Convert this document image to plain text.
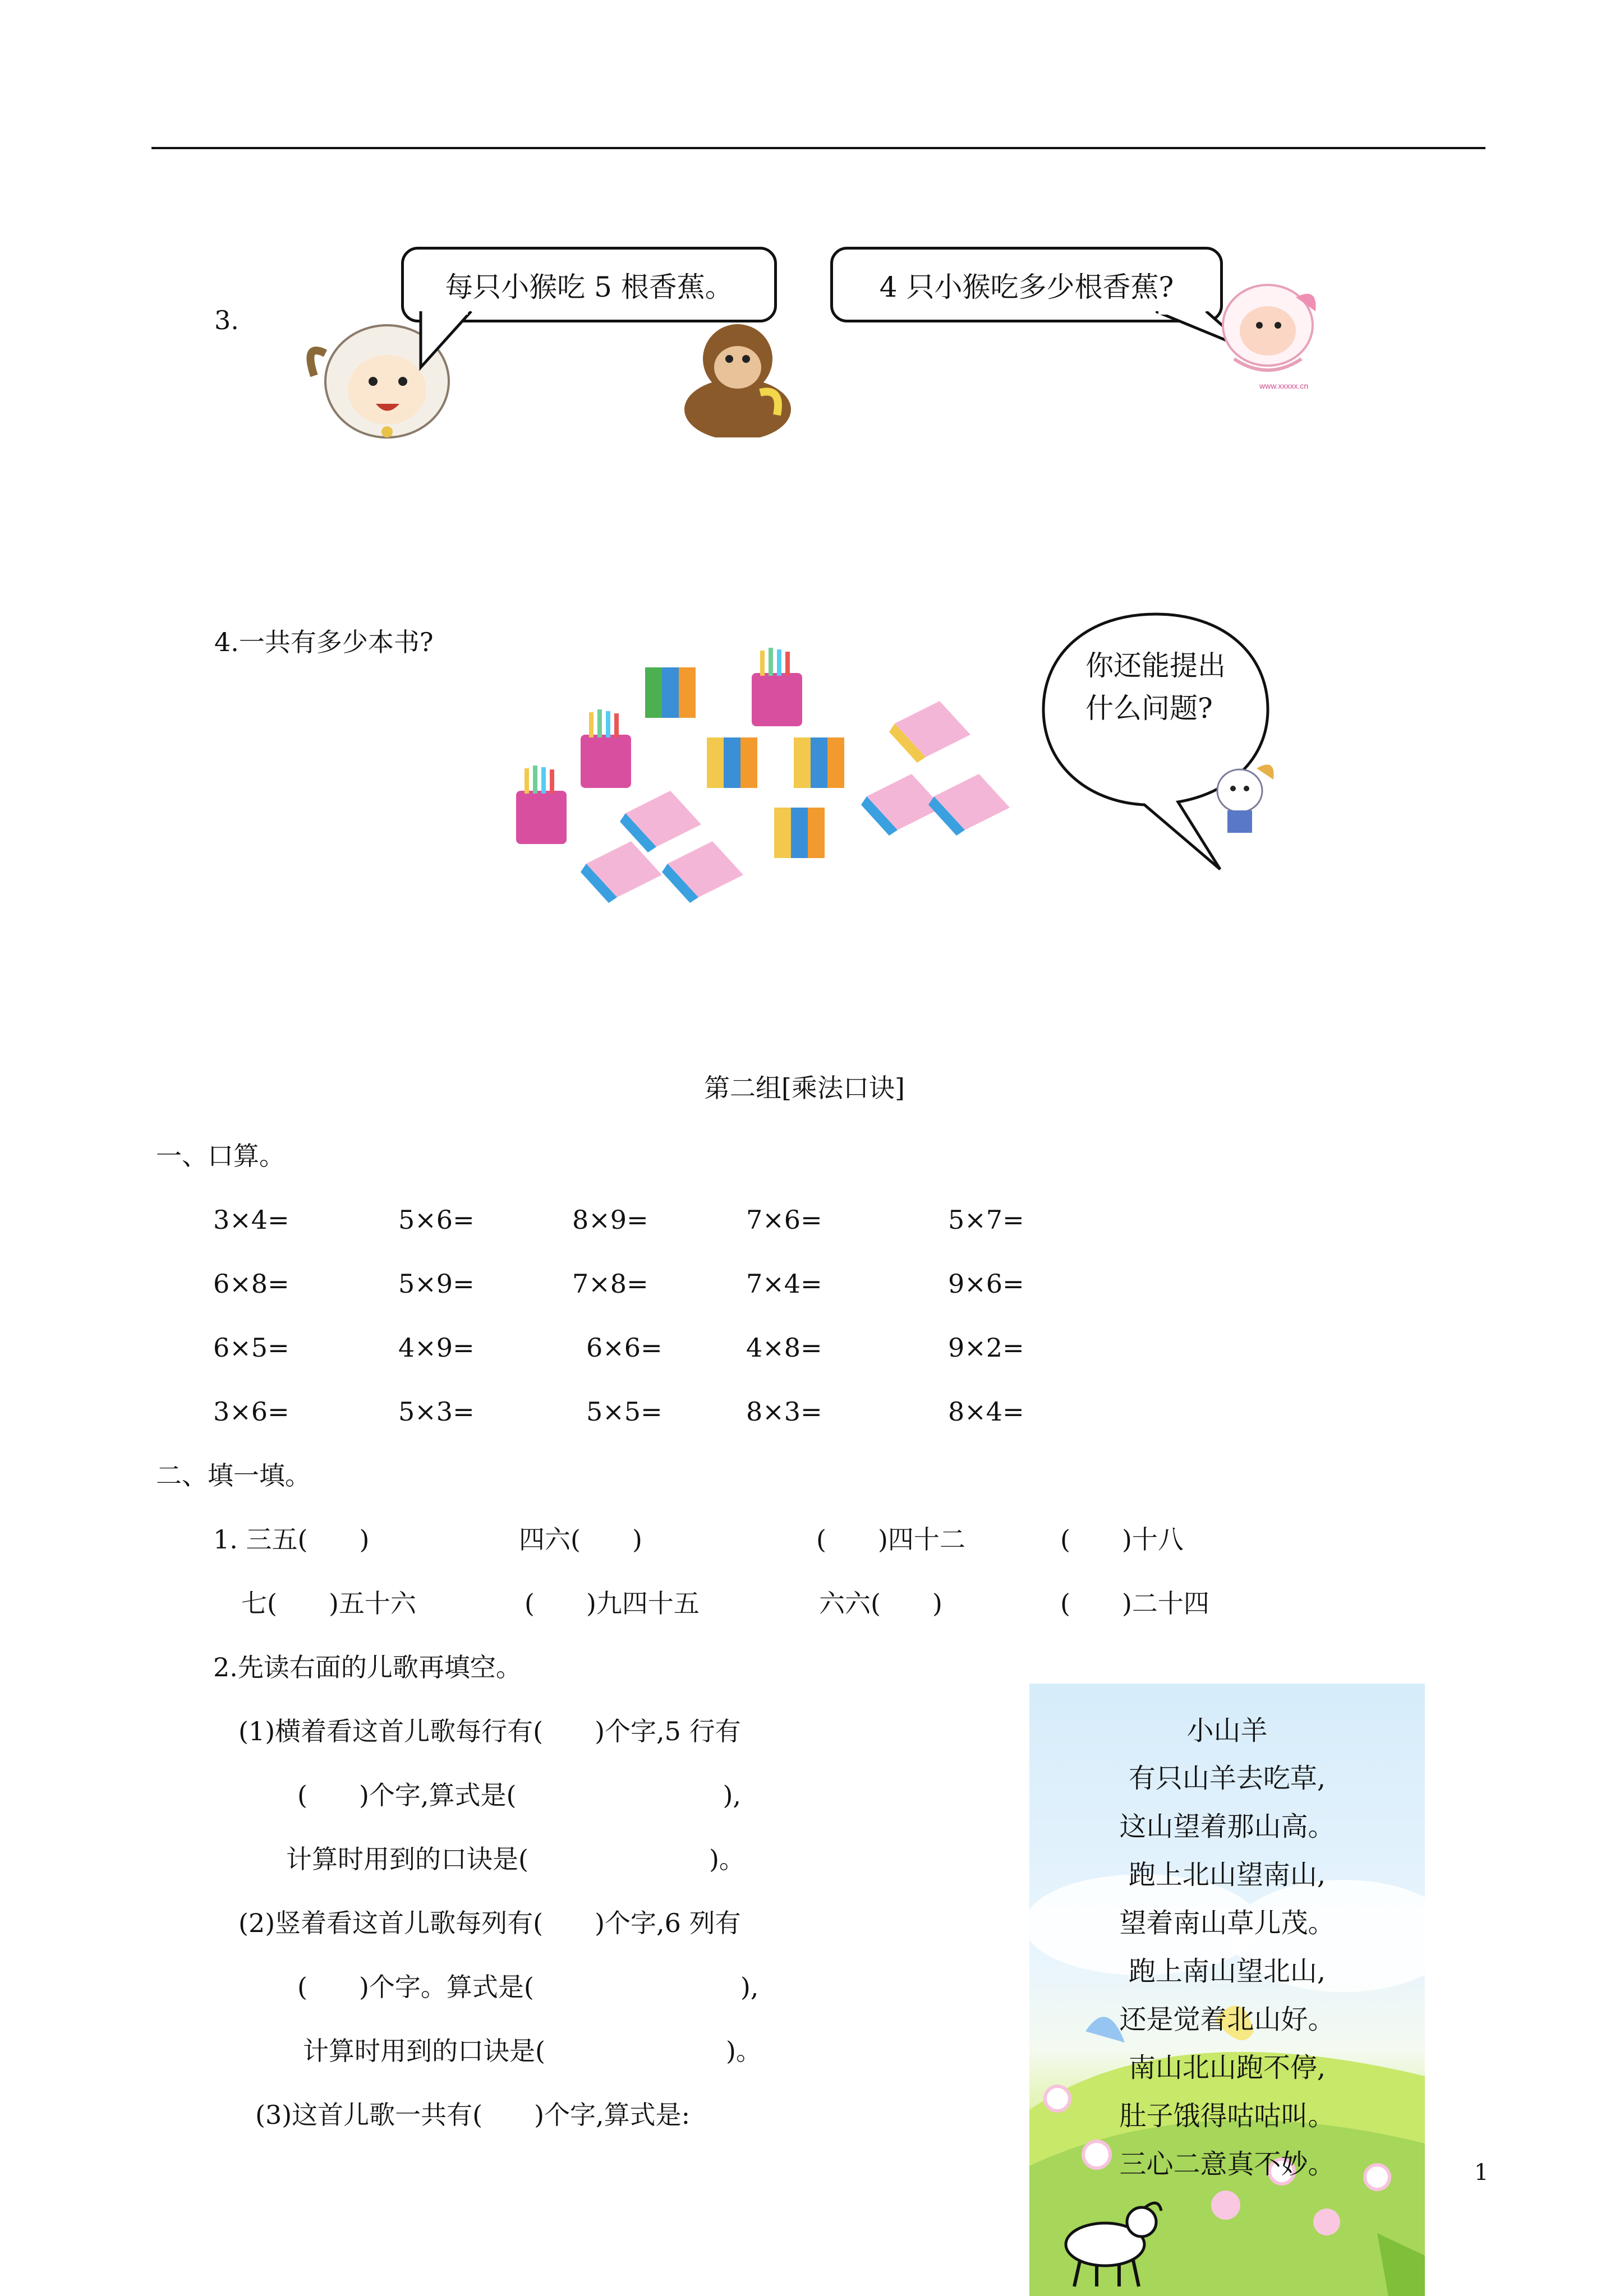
3.
每只小猴吃 5 根香蕉。	4 只小猴吃多少根香蕉?
www.xxxxx.cn
4.一共有多少本书?
你还能提出
什么问题?
第二组[乘法口诀]
一、口算。
3×4=	5×6=	8×9=	7×6=	5×7=
6×8=	5×9=	7×8=	7×4=	9×6=
6×5=	4×9=	6×6=	4×8=	9×2=
3×6=	5×3=	5×5=	8×3=	8×4=
二、填一填。
1. 三五(　　)	四六(　　)	(　　)四十二	(　　)十八
七(　　)五十六	(　　)九四十五	六六(　　)	(　　)二十四
2.先读右面的儿歌再填空。
(1)横着看这首儿歌每行有(　　)个字,5 行有
(　　)个字,算式是(　　　　　　　　),
计算时用到的口诀是(　　　　　　　)。
(2)竖着看这首儿歌每列有(　　)个字,6 列有
(　　)个字。算式是(　　　　　　　　),
计算时用到的口诀是(　　　　　　　)。
(3)这首儿歌一共有(　　)个字,算式是:
小山羊
有只山羊去吃草,
这山望着那山高。
跑上北山望南山,
望着南山草儿茂。
跑上南山望北山,
还是觉着北山好。
南山北山跑不停,
肚子饿得咕咕叫。
三心二意真不妙。	1
